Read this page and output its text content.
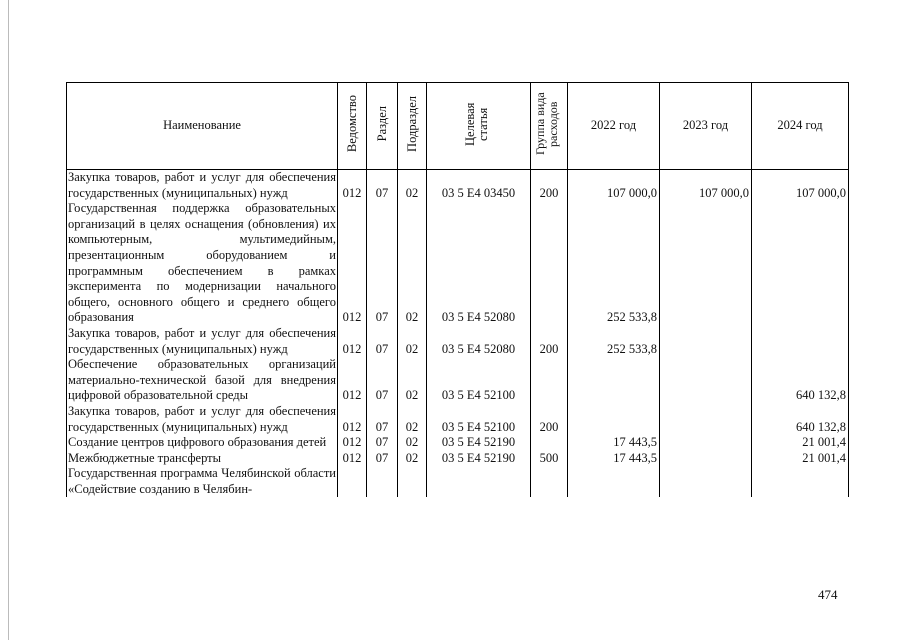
Наименование	Ведомство	Раздел	Подраздел	Целевая статья	Группа вида расходов	2022 год	2023 год	2024 год
Закупка товаров, работ и услуг для обеспечения государственных (муниципальных) нужд	012	07	02	03 5 Е4 03450	200	107 000,0	107 000,0	107 000,0
Государственная поддержка образовательных организаций в целях оснащения (обновления) их компьютерным, мультимедийным, презентационным оборудованием и программным обеспечением в рамках эксперимента по модернизации начального общего, основного общего и среднего общего образования	012	07	02	03 5 Е4 52080		252 533,8		
Закупка товаров, работ и услуг для обеспечения государственных (муниципальных) нужд	012	07	02	03 5 Е4 52080	200	252 533,8		
Обеспечение образовательных организаций материально-технической базой для внедрения цифровой образовательной среды	012	07	02	03 5 Е4 52100				640 132,8
Закупка товаров, работ и услуг для обеспечения государственных (муниципальных) нужд	012	07	02	03 5 Е4 52100	200			640 132,8
Создание центров цифрового образования детей	012	07	02	03 5 Е4 52190		17 443,5		21 001,4
Межбюджетные трансферты	012	07	02	03 5 Е4 52190	500	17 443,5		21 001,4
Государственная программа Челябинской области «Содействие созданию в Челябин-								
474
